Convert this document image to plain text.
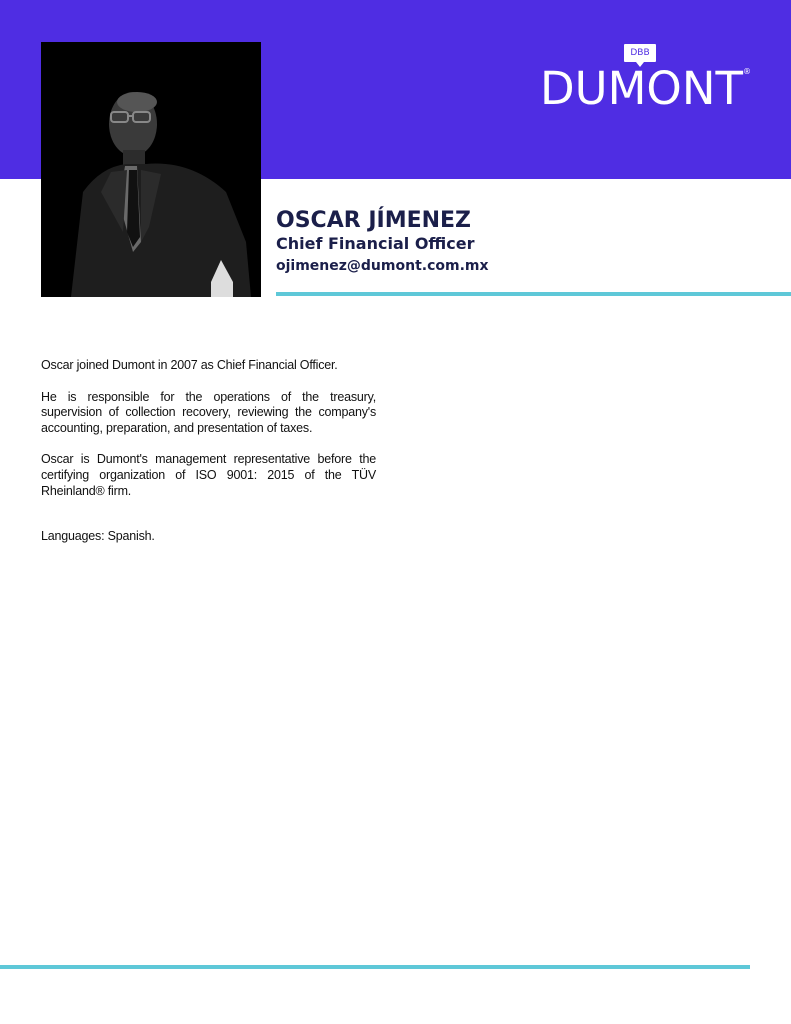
DBB
DUMONT ®
OSCAR JÍMENEZ
Chief Financial Officer
ojimenez@dumont.com.mx

Oscar joined Dumont in 2007 as Chief Financial Officer.

He is responsible for the operations of the treasury, supervision of collection recovery, reviewing the company's accounting, preparation, and presentation of taxes.

Oscar is Dumont's management representative before the certifying organization of ISO 9001: 2015 of the TÜV Rheinland® firm.

Languages: Spanish.
